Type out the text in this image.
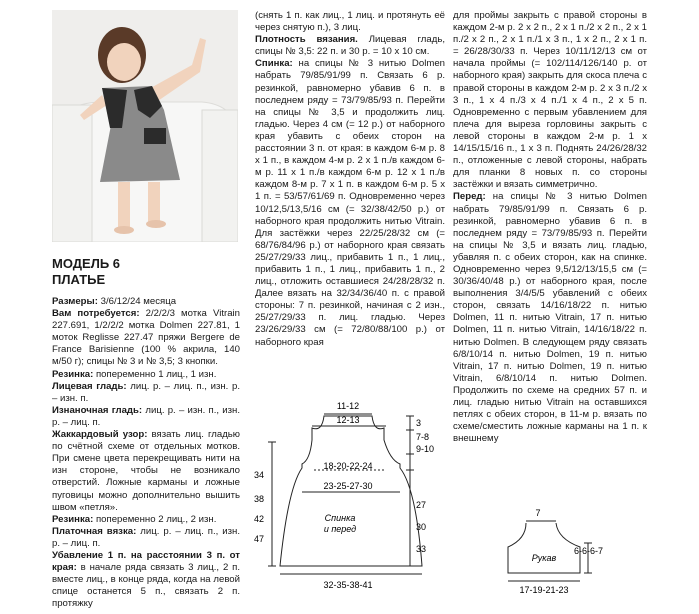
МОДЕЛЬ 6
ПЛАТЬЕ

Размеры: 3/6/12/24 месяца

Вам потребуется: 2/2/2/3 мотка Vitrain 227.691, 1/2/2/2 мотка Dolmen 227.81, 1 моток Reglisse 227.47 пряжи Bergere de France Barisienne (100 % акрила, 140 м/50 г); спицы № 3 и № 3,5; 3 кнопки.

Резинка: попеременно 1 лиц., 1 изн.

Лицевая гладь: лиц. р. – лиц. п., изн. р. – изн. п.

Изнаночная гладь: лиц. р. – изн. п., изн. р. – лиц. п.

Жаккардовый узор: вязать лиц. гладью по счётной схеме от отдельных мотков. При смене цвета перекрещивать нити на изн стороне, чтобы не возникало отверстий. Ложные карманы и ложные пуговицы можно дополнительно вышить швом «петля».

Резинка: попеременно 2 лиц., 2 изн.

Платочная вязка: лиц. р. – лиц. п., изн. р. – лиц. п.

Убавление 1 п. на расстоянии 3 п. от края: в начале ряда связать 3 лиц., 2 п. вместе лиц., в конце ряда, когда на левой спице останется 5 п., связать 2 п. протяжку

(снять 1 п. как лиц., 1 лиц. и протянуть её через снятую п.), 3 лиц.

Плотность вязания. Лицевая гладь, спицы № 3,5: 22 п. и 30 р. = 10 х 10 см.

Спинка: на спицы № 3 нитью Dolmen набрать 79/85/91/99 п. Связать 6 р. резинкой, равномерно убавив 6 п. в последнем ряду = 73/79/85/93 п. Перейти на спицы № 3,5 и продолжить лиц. гладью. Через 4 см (= 12 р.) от наборного края убавить с обеих сторон на расстоянии 3 п. от края: в каждом 6-м р. 8 х 1 п., в каждом 4-м р. 2 х 1 п./в каждом 6-м р. 11 х 1 п./в каждом 6-м р. 12 х 1 п./в каждом 8-м р. 7 х 1 п. в каждом 6-м р. 5 х 1 п. = 53/57/61/69 п. Одновременно через 10/12,5/13,5/16 см (= 32/38/42/50 р.) от наборного края продолжить нитью Vitrain. Для застёжки через 22/25/28/32 см (= 68/76/84/96 р.) от наборного края связать 25/27/29/33 лиц., прибавить 1 п., 1 лиц., прибавить 1 п., 1 лиц., прибавить 1 п., 2 лиц., отложить оставшиеся 24/28/28/32 п. Далее вязать на 32/34/36/40 п. с правой стороны: 7 п. резинкой, начиная с 2 изн., 25/27/29/33 п. лиц. гладью. Через 23/26/29/33 см (= 72/80/88/100 р.) от наборного края

для проймы закрыть с правой стороны в каждом 2-м р. 2 х 2 п., 2 х 1 п./2 х 2 п., 2 х 1 п./2 х 2 п., 2 х 1 п./1 х 3 п., 1 х 2 п., 2 х 1 п. = 26/28/30/33 п. Через 10/11/12/13 см от начала проймы (= 102/114/126/140 р. от наборного края) закрыть для скоса плеча с правой стороны в каждом 2-м р. 2 х 3 п./2 х 3 п., 1 х 4 п./3 х 4 п./1 х 4 п., 2 х 5 п. Одновременно с первым убавлением для плеча для выреза горловины закрыть с левой стороны в каждом 2-м р. 1 х 14/15/15/16 п., 1 х 3 п. Поднять 24/26/28/32 п., отложенные с левой стороны, набрать для планки 8 новых п. со стороны застёжки и вязать симметрично.

Перед: на спицы № 3 нитью Dolmen набрать 79/85/91/99 п. Связать 6 р. резинкой, равномерно убавив 6 п. в последнем ряду = 73/79/85/93 п. Перейти на спицы № 3,5 и вязать лиц. гладью, убавляя п. с обеих сторон, как на спинке. Одновременно через 9,5/12/13/15,5 см (= 30/36/40/48 р.) от наборного края, после выполнения 3/4/5/5 убавлений с обеих сторон, связать 14/16/18/22 п. нитью Dolmen, 11 п. нитью Vitrain, 17 п. нитью Dolmen, 11 п. нитью Vitrain, 14/16/18/22 п. нитью Dolmen. В следующем ряду связать 6/8/10/14 п. нитью Dolmen, 19 п. нитью Vitrain, 17 п. нитью Dolmen, 19 п. нитью Vitrain, 6/8/10/14 п. нитью Dolmen. Продолжить по схеме на средних 57 п. и лиц. гладью нитью Vitrain на оставшихся петлях с обеих сторон, в 11-м р. вязать по схеме/сместить ложные карманы на 1 п. к внешнему

11-12
12-13
18-20-22-24
23-25-27-30
Спинка
и перед
32-35-38-41
34
38
42
47
3
7-8
9-10
27
30
33
7
Рукав
6-6-6-7
17-19-21-23
